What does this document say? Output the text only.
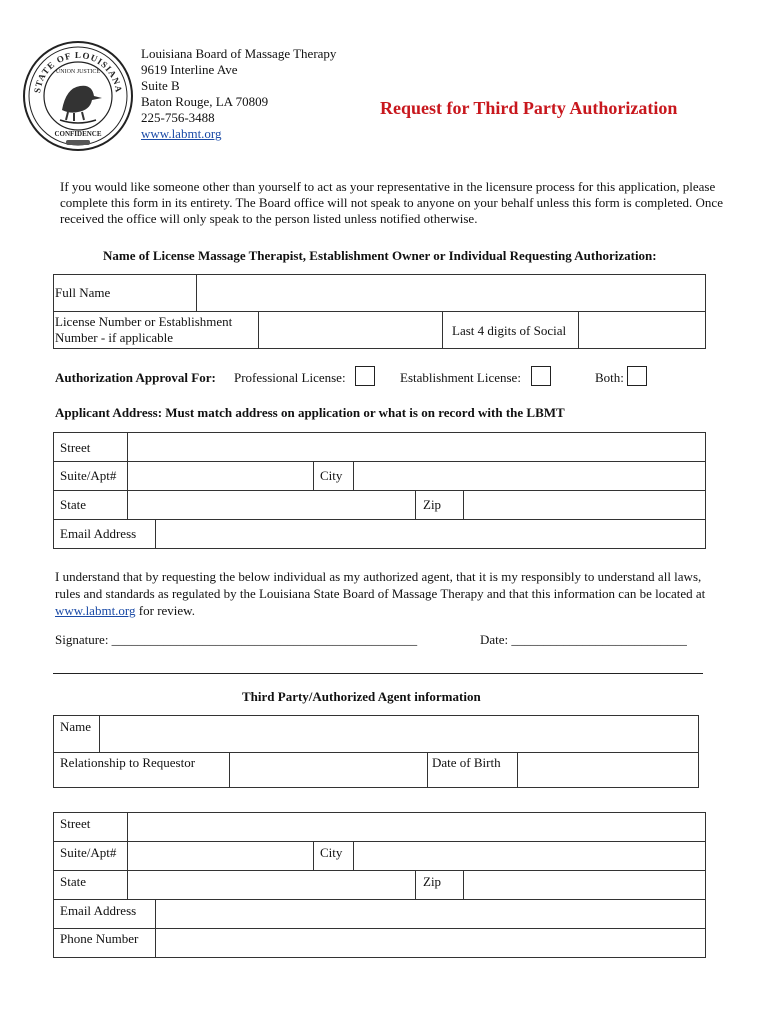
STATE OF LOUISIANA
UNION JUSTICE
CONFIDENCE
Louisiana Board of Massage Therapy
9619 Interline Ave
Suite B
Baton Rouge, LA 70809
225-756-3488
www.labmt.org
Request for Third Party Authorization
If you would like someone other than yourself to act as your representative in the licensure process for this application, please complete this form in its entirety. The Board office will not speak to anyone on your behalf unless this form is completed. Once received the office will only speak to the person listed unless notified otherwise.
Name of License Massage Therapist, Establishment Owner or Individual Requesting Authorization:
Full Name
License Number or Establishment
Number - if applicable	Last 4 digits of Social
Authorization Approval For: Professional License:	Establishment License:	Both:
Applicant Address: Must match address on application or what is on record with the LBMT
Street
Suite/Apt#	City
State	Zip
Email Address
I understand that by requesting the below individual as my authorized agent, that it is my responsibly to understand all laws, rules and standards as regulated by the Louisiana State Board of Massage Therapy and that this information can be located at www.labmt.org for review.
Signature: _______________________________________________	Date: ___________________________
Third Party/Authorized Agent information
Name
Relationship to Requestor	Date of Birth
Street
Suite/Apt#	City
State	Zip
Email Address
Phone Number
